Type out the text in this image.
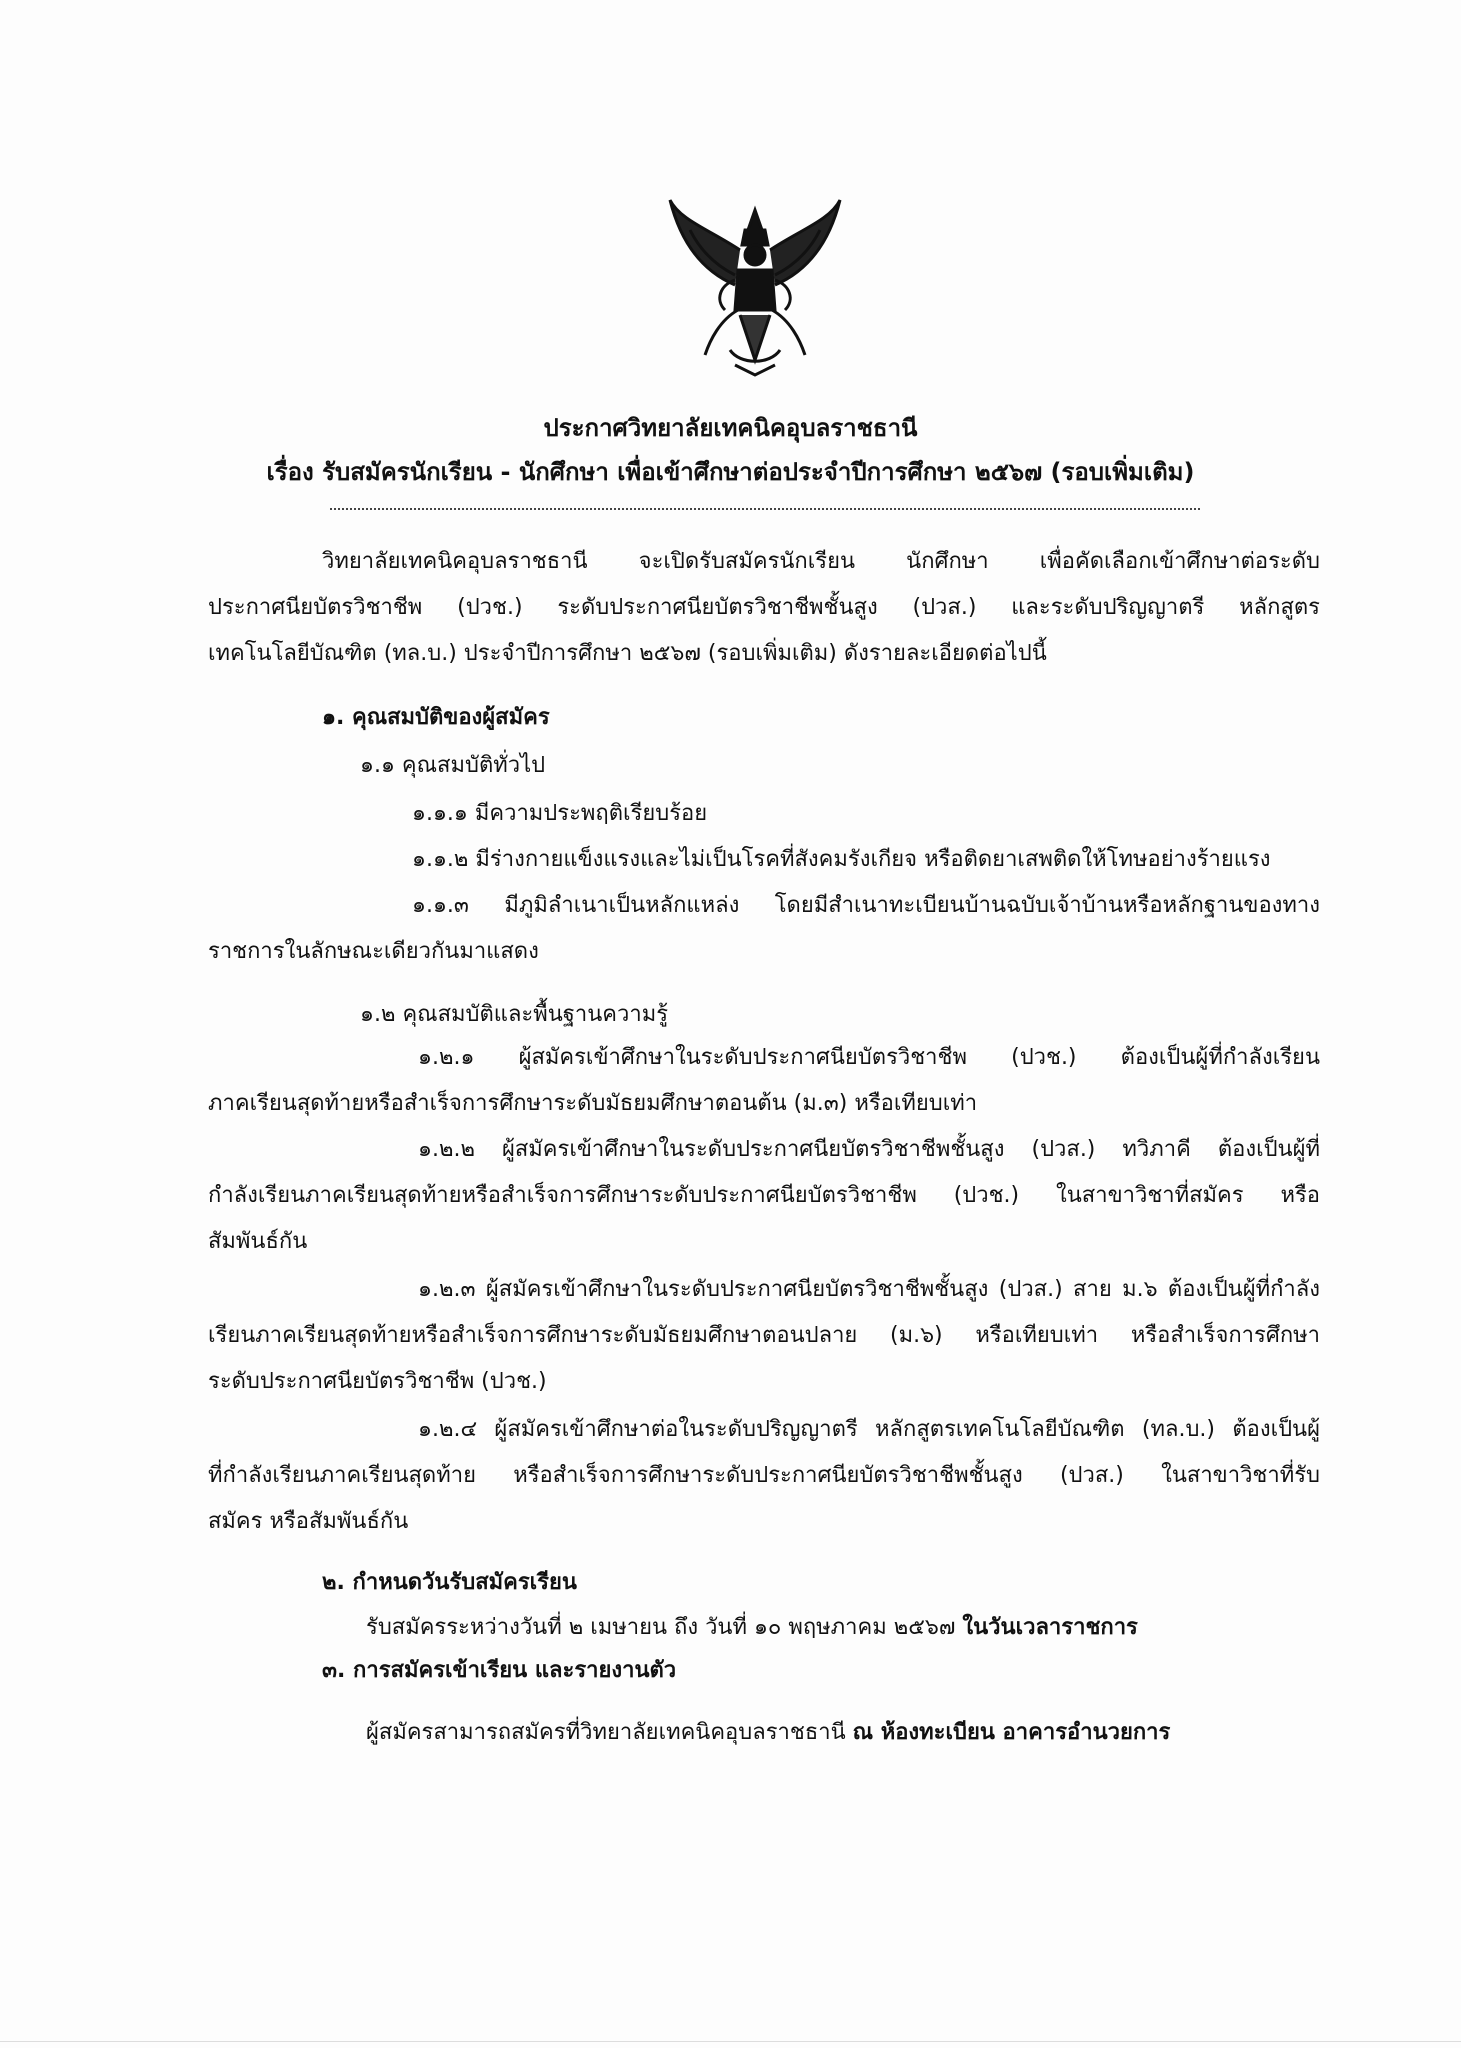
ประกาศวิทยาลัยเทคนิคอุบลราชธานี
เรื่อง รับสมัครนักเรียน - นักศึกษา เพื่อเข้าศึกษาต่อประจำปีการศึกษา ๒๕๖๗ (รอบเพิ่มเติม)
วิทยาลัยเทคนิคอุบลราชธานี จะเปิดรับสมัครนักเรียน นักศึกษา เพื่อคัดเลือกเข้าศึกษาต่อระดับ
ประกาศนียบัตรวิชาชีพ (ปวช.) ระดับประกาศนียบัตรวิชาชีพชั้นสูง (ปวส.) และระดับปริญญาตรี หลักสูตร
เทคโนโลยีบัณฑิต (ทล.บ.) ประจำปีการศึกษา ๒๕๖๗ (รอบเพิ่มเติม) ดังรายละเอียดต่อไปนี้
๑. คุณสมบัติของผู้สมัคร
๑.๑ คุณสมบัติทั่วไป
๑.๑.๑ มีความประพฤติเรียบร้อย
๑.๑.๒ มีร่างกายแข็งแรงและไม่เป็นโรคที่สังคมรังเกียจ หรือติดยาเสพติดให้โทษอย่างร้ายแรง
๑.๑.๓ มีภูมิลำเนาเป็นหลักแหล่ง โดยมีสำเนาทะเบียนบ้านฉบับเจ้าบ้านหรือหลักฐานของทาง
ราชการในลักษณะเดียวกันมาแสดง
๑.๒ คุณสมบัติและพื้นฐานความรู้
๑.๒.๑ ผู้สมัครเข้าศึกษาในระดับประกาศนียบัตรวิชาชีพ (ปวช.) ต้องเป็นผู้ที่กำลังเรียน
ภาคเรียนสุดท้ายหรือสำเร็จการศึกษาระดับมัธยมศึกษาตอนต้น (ม.๓) หรือเทียบเท่า
๑.๒.๒ ผู้สมัครเข้าศึกษาในระดับประกาศนียบัตรวิชาชีพชั้นสูง (ปวส.) ทวิภาคี ต้องเป็นผู้ที่
กำลังเรียนภาคเรียนสุดท้ายหรือสำเร็จการศึกษาระดับประกาศนียบัตรวิชาชีพ (ปวช.) ในสาขาวิชาที่สมัคร หรือ
สัมพันธ์กัน
๑.๒.๓ ผู้สมัครเข้าศึกษาในระดับประกาศนียบัตรวิชาชีพชั้นสูง (ปวส.) สาย ม.๖ ต้องเป็นผู้ที่กำลัง
เรียนภาคเรียนสุดท้ายหรือสำเร็จการศึกษาระดับมัธยมศึกษาตอนปลาย (ม.๖) หรือเทียบเท่า หรือสำเร็จการศึกษา
ระดับประกาศนียบัตรวิชาชีพ (ปวช.)
๑.๒.๔ ผู้สมัครเข้าศึกษาต่อในระดับปริญญาตรี หลักสูตรเทคโนโลยีบัณฑิต (ทล.บ.) ต้องเป็นผู้
ที่กำลังเรียนภาคเรียนสุดท้าย หรือสำเร็จการศึกษาระดับประกาศนียบัตรวิชาชีพชั้นสูง (ปวส.) ในสาขาวิชาที่รับ
สมัคร หรือสัมพันธ์กัน
๒. กำหนดวันรับสมัครเรียน
รับสมัครระหว่างวันที่ ๒ เมษายน ถึง วันที่ ๑๐ พฤษภาคม ๒๕๖๗ ในวันเวลาราชการ
๓. การสมัครเข้าเรียน และรายงานตัว
ผู้สมัครสามารถสมัครที่วิทยาลัยเทคนิคอุบลราชธานี ณ ห้องทะเบียน อาคารอำนวยการ
